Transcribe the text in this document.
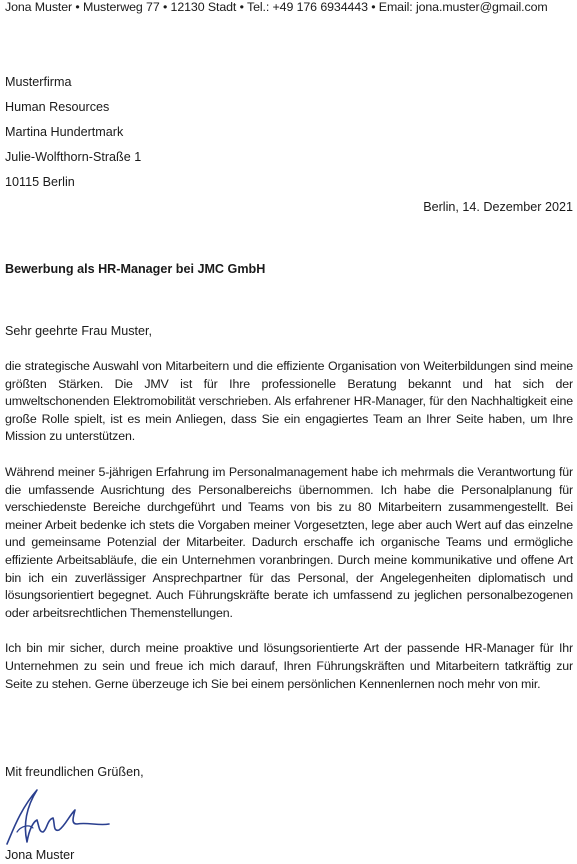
Jona Muster • Musterweg 77 • 12130 Stadt • Tel.: +49 176 6934443 • Email: jona.muster@gmail.com
Musterfirma
Human Resources
Martina Hundertmark
Julie-Wolfthorn-Straße 1
10115 Berlin
Berlin, 14. Dezember 2021
Bewerbung als HR-Manager bei JMC GmbH
Sehr geehrte Frau Muster,

die strategische Auswahl von Mitarbeitern und die effiziente Organisation von Weiterbildungen sind meine größten Stärken. Die JMV ist für Ihre professionelle Beratung bekannt und hat sich der umweltschonenden Elektromobilität verschrieben. Als erfahrener HR-Manager, für den Nachhaltigkeit eine große Rolle spielt, ist es mein Anliegen, dass Sie ein engagiertes Team an Ihrer Seite haben, um Ihre Mission zu unterstützen.

Während meiner 5-jährigen Erfahrung im Personalmanagement habe ich mehrmals die Verantwortung für die umfassende Ausrichtung des Personalbereichs übernommen. Ich habe die Personalplanung für verschiedenste Bereiche durchgeführt und Teams von bis zu 80 Mitarbeitern zusammengestellt. Bei meiner Arbeit bedenke ich stets die Vorgaben meiner Vorgesetzten, lege aber auch Wert auf das einzelne und gemeinsame Potenzial der Mitarbeiter. Dadurch erschaffe ich organische Teams und ermögliche effiziente Arbeitsabläufe, die ein Unternehmen voranbringen. Durch meine kommunikative und offene Art bin ich ein zuverlässiger Ansprechpartner für das Personal, der Angelegenheiten diplomatisch und lösungsorientiert begegnet. Auch Führungskräfte berate ich umfassend zu jeglichen personalbezogenen oder arbeitsrechtlichen Themenstellungen.

Ich bin mir sicher, durch meine proaktive und lösungsorientierte Art der passende HR-Manager für Ihr Unternehmen zu sein und freue ich mich darauf, Ihren Führungskräften und Mitarbeitern tatkräftig zur Seite zu stehen. Gerne überzeuge ich Sie bei einem persönlichen Kennenlernen noch mehr von mir.

Mit freundlichen Grüßen,
Jona Muster
